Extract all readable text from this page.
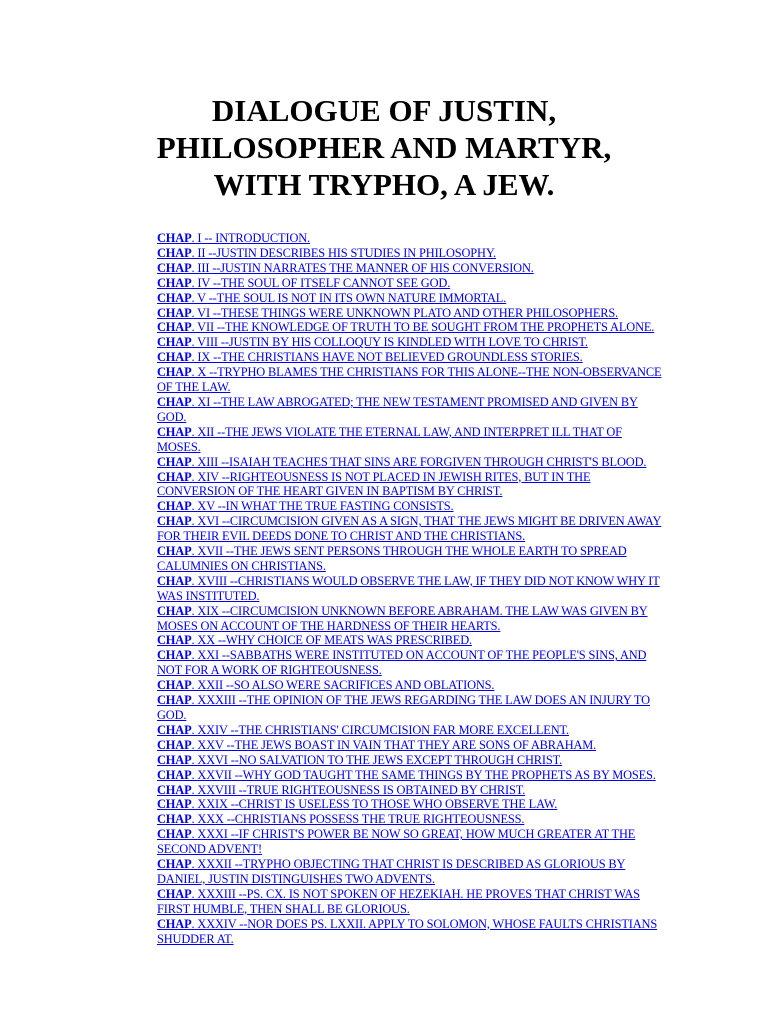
DIALOGUE OF JUSTIN,
PHILOSOPHER AND MARTYR,
WITH TRYPHO, A JEW.
CHAP. I -- INTRODUCTION.
CHAP. II --JUSTIN DESCRIBES HIS STUDIES IN PHILOSOPHY.
CHAP. III --JUSTIN NARRATES THE MANNER OF HIS CONVERSION.
CHAP. IV --THE SOUL OF ITSELF CANNOT SEE GOD.
CHAP. V --THE SOUL IS NOT IN ITS OWN NATURE IMMORTAL.
CHAP. VI --THESE THINGS WERE UNKNOWN PLATO AND OTHER PHILOSOPHERS.
CHAP. VII --THE KNOWLEDGE OF TRUTH TO BE SOUGHT FROM THE PROPHETS ALONE.
CHAP. VIII --JUSTIN BY HIS COLLOQUY IS KINDLED WITH LOVE TO CHRIST.
CHAP. IX --THE CHRISTIANS HAVE NOT BELIEVED GROUNDLESS STORIES.
CHAP. X --TRYPHO BLAMES THE CHRISTIANS FOR THIS ALONE--THE NON-OBSERVANCE OF THE LAW.
CHAP. XI --THE LAW ABROGATED; THE NEW TESTAMENT PROMISED AND GIVEN BY GOD.
CHAP. XII --THE JEWS VIOLATE THE ETERNAL LAW, AND INTERPRET ILL THAT OF MOSES.
CHAP. XIII --ISAIAH TEACHES THAT SINS ARE FORGIVEN THROUGH CHRIST'S BLOOD.
CHAP. XIV --RIGHTEOUSNESS IS NOT PLACED IN JEWISH RITES, BUT IN THE CONVERSION OF THE HEART GIVEN IN BAPTISM BY CHRIST.
CHAP. XV --IN WHAT THE TRUE FASTING CONSISTS.
CHAP. XVI --CIRCUMCISION GIVEN AS A SIGN, THAT THE JEWS MIGHT BE DRIVEN AWAY FOR THEIR EVIL DEEDS DONE TO CHRIST AND THE CHRISTIANS.
CHAP. XVII --THE JEWS SENT PERSONS THROUGH THE WHOLE EARTH TO SPREAD CALUMNIES ON CHRISTIANS.
CHAP. XVIII --CHRISTIANS WOULD OBSERVE THE LAW, IF THEY DID NOT KNOW WHY IT WAS INSTITUTED.
CHAP. XIX --CIRCUMCISION UNKNOWN BEFORE ABRAHAM. THE LAW WAS GIVEN BY MOSES ON ACCOUNT OF THE HARDNESS OF THEIR HEARTS.
CHAP. XX --WHY CHOICE OF MEATS WAS PRESCRIBED.
CHAP. XXI --SABBATHS WERE INSTITUTED ON ACCOUNT OF THE PEOPLE'S SINS, AND NOT FOR A WORK OF RIGHTEOUSNESS.
CHAP. XXII --SO ALSO WERE SACRIFICES AND OBLATIONS.
CHAP. XXXIII --THE OPINION OF THE JEWS REGARDING THE LAW DOES AN INJURY TO GOD.
CHAP. XXIV --THE CHRISTIANS' CIRCUMCISION FAR MORE EXCELLENT.
CHAP. XXV --THE JEWS BOAST IN VAIN THAT THEY ARE SONS OF ABRAHAM.
CHAP. XXVI --NO SALVATION TO THE JEWS EXCEPT THROUGH CHRIST.
CHAP. XXVII --WHY GOD TAUGHT THE SAME THINGS BY THE PROPHETS AS BY MOSES.
CHAP. XXVIII --TRUE RIGHTEOUSNESS IS OBTAINED BY CHRIST.
CHAP. XXIX --CHRIST IS USELESS TO THOSE WHO OBSERVE THE LAW.
CHAP. XXX --CHRISTIANS POSSESS THE TRUE RIGHTEOUSNESS.
CHAP. XXXI --IF CHRIST'S POWER BE NOW SO GREAT, HOW MUCH GREATER AT THE SECOND ADVENT!
CHAP. XXXII --TRYPHO OBJECTING THAT CHRIST IS DESCRIBED AS GLORIOUS BY DANIEL, JUSTIN DISTINGUISHES TWO ADVENTS.
CHAP. XXXIII --PS. CX. IS NOT SPOKEN OF HEZEKIAH. HE PROVES THAT CHRIST WAS FIRST HUMBLE, THEN SHALL BE GLORIOUS.
CHAP. XXXIV --NOR DOES PS. LXXII. APPLY TO SOLOMON, WHOSE FAULTS CHRISTIANS SHUDDER AT.
